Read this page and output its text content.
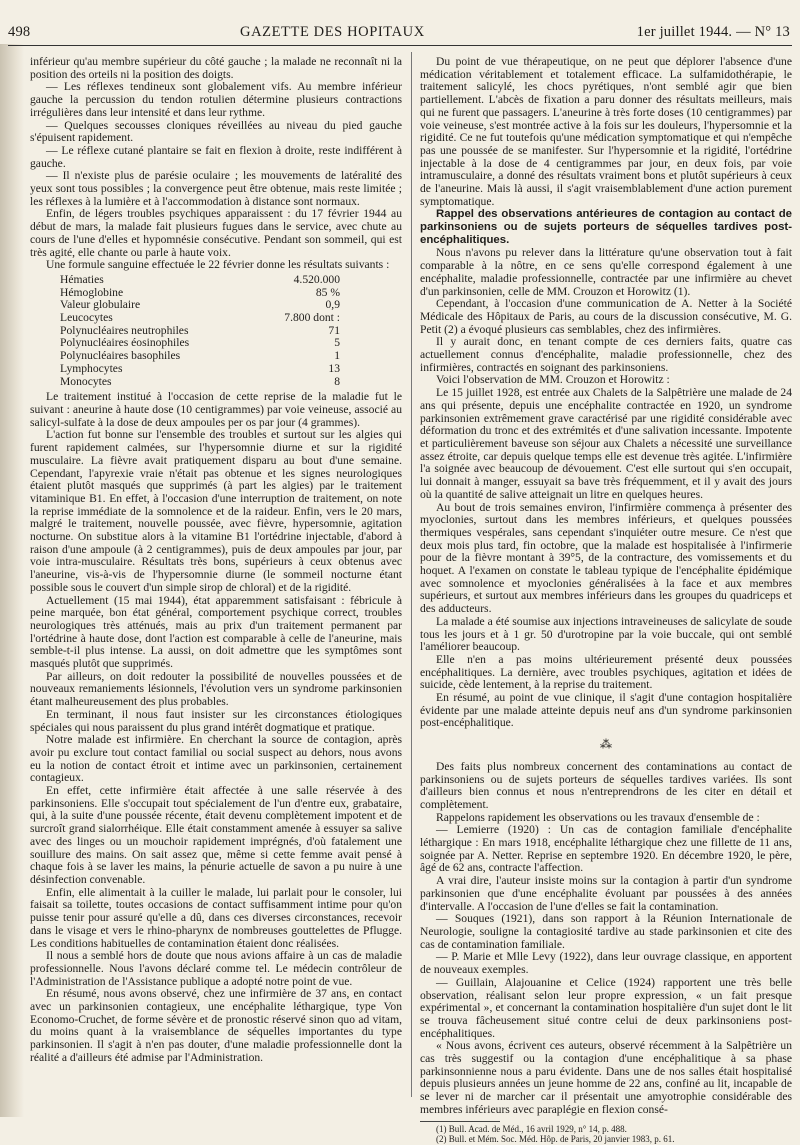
498	GAZETTE DES HOPITAUX	1er juillet 1944. — N° 13

inférieur qu'au membre supérieur du côté gauche ; la malade ne reconnaît ni la position des orteils ni la position des doigts.

— Les réflexes tendineux sont globalement vifs. Au membre inférieur gauche la percussion du tendon rotulien détermine plusieurs contractions irrégulières dans leur intensité et dans leur rythme.

— Quelques secousses cloniques réveillées au niveau du pied gauche s'épuisent rapidement.

— Le réflexe cutané plantaire se fait en flexion à droite, reste indifférent à gauche.

— Il n'existe plus de parésie oculaire ; les mouvements de latéralité des yeux sont tous possibles ; la convergence peut être obtenue, mais reste limitée ; les réflexes à la lumière et à l'accommodation à distance sont normaux.

Enfin, de légers troubles psychiques apparaissent : du 17 février 1944 au début de mars, la malade fait plusieurs fugues dans le service, avec chute au cours de l'une d'elles et hypomnésie consécutive. Pendant son sommeil, qui est très agité, elle chante ou parle à haute voix.

Une formule sanguine effectuée le 22 février donne les résultats suivants :

Hématies	4.520.000
Hémoglobine	85 %
Valeur globulaire	0,9
Leucocytes	7.800 dont :
Polynucléaires neutrophiles	71
Polynucléaires éosinophiles	5
Polynucléaires basophiles	1
Lymphocytes	13
Monocytes	8

Le traitement institué à l'occasion de cette reprise de la maladie fut le suivant : aneurine à haute dose (10 centigrammes) par voie veineuse, associé au salicyl-sulfate à la dose de deux ampoules per os par jour (4 grammes).

L'action fut bonne sur l'ensemble des troubles et surtout sur les algies qui furent rapidement calmées, sur l'hypersomnie diurne et sur la rigidité musculaire. La fièvre avait pratiquement disparu au bout d'une semaine. Cependant, l'apyrexie vraie n'était pas obtenue et les signes neurologiques étaient plutôt masqués que supprimés (à part les algies) par le traitement vitaminique B1. En effet, à l'occasion d'une interruption de traitement, on note la reprise immédiate de la somnolence et de la raideur. Enfin, vers le 20 mars, malgré le traitement, nouvelle poussée, avec fièvre, hypersomnie, agitation nocturne. On substitue alors à la vitamine B1 l'ortédrine injectable, d'abord à raison d'une ampoule (à 2 centigrammes), puis de deux ampoules par jour, par voie intra-musculaire. Résultats très bons, supérieurs à ceux obtenus avec l'aneurine, vis-à-vis de l'hypersomnie diurne (le sommeil nocturne étant possible sous le couvert d'un simple sirop de chloral) et de la rigidité.

Actuellement (15 mai 1944), état apparemment satisfaisant : fébricule à peine marquée, bon état général, comportement psychique correct, troubles neurologiques très atténués, mais au prix d'un traitement permanent par l'ortédrine à haute dose, dont l'action est comparable à celle de l'aneurine, mais semble-t-il plus intense. La aussi, on doit admettre que les symptômes sont masqués plutôt que supprimés.

Par ailleurs, on doit redouter la possibilité de nouvelles poussées et de nouveaux remaniements lésionnels, l'évolution vers un syndrome parkinsonien étant malheureusement des plus probables.

En terminant, il nous faut insister sur les circonstances étiologiques spéciales qui nous paraissent du plus grand intérêt dogmatique et pratique.

Notre malade est infirmière. En cherchant la source de contagion, après avoir pu exclure tout contact familial ou social suspect au dehors, nous avons eu la notion de contact étroit et intime avec un parkinsonien, certainement contagieux.

En effet, cette infirmière était affectée à une salle réservée à des parkinsoniens. Elle s'occupait tout spécialement de l'un d'entre eux, grabataire, qui, à la suite d'une poussée récente, était devenu complètement impotent et de surcroît grand sialorrhéique. Elle était constamment amenée à essuyer sa salive avec des linges ou un mouchoir rapidement imprégnés, d'où fatalement une souillure des mains. On sait assez que, même si cette femme avait pensé à chaque fois à se laver les mains, la pénurie actuelle de savon a pu nuire à une désinfection convenable.

Enfin, elle alimentait à la cuiller le malade, lui parlait pour le consoler, lui faisait sa toilette, toutes occasions de contact suffisamment intime pour qu'on puisse tenir pour assuré qu'elle a dû, dans ces diverses circonstances, recevoir dans le visage et vers le rhino-pharynx de nombreuses gouttelettes de Pflugge. Les conditions habituelles de contamination étaient donc réalisées.

Il nous a semblé hors de doute que nous avions affaire à un cas de maladie professionnelle. Nous l'avons déclaré comme tel. Le médecin contrôleur de l'Administration de l'Assistance publique a adopté notre point de vue.

En résumé, nous avons observé, chez une infirmière de 37 ans, en contact avec un parkinsonien contagieux, une encéphalite léthargique, type Von Economo-Cruchet, de forme sévère et de pronostic réservé sinon quo ad vitam, du moins quant à la vraisemblance de séquelles importantes du type parkinsonien. Il s'agit à n'en pas douter, d'une maladie professionnelle dont la réalité a d'ailleurs été admise par l'Administration.

Du point de vue thérapeutique, on ne peut que déplorer l'absence d'une médication véritablement et totalement efficace. La sulfamidothérapie, le traitement salicylé, les chocs pyrétiques, n'ont semblé agir que bien partiellement. L'abcès de fixation a paru donner des résultats meilleurs, mais qui ne furent que passagers. L'aneurine à très forte doses (10 centigrammes) par voie veineuse, s'est montrée active à la fois sur les douleurs, l'hypersomnie et la rigidité. Ce ne fut toutefois qu'une médication symptomatique et qui n'empêche pas une poussée de se manifester. Sur l'hypersomnie et la rigidité, l'ortédrine injectable à la dose de 4 centigrammes par jour, en deux fois, par voie intramusculaire, a donné des résultats vraiment bons et plutôt supérieurs à ceux de l'aneurine. Mais là aussi, il s'agit vraisemblablement d'une action purement symptomatique.

Rappel des observations antérieures de contagion au contact de parkinsoniens ou de sujets porteurs de séquelles tardives post-encéphalitiques.

Nous n'avons pu relever dans la littérature qu'une observation tout à fait comparable à la nôtre, en ce sens qu'elle correspond également à une encéphalite, maladie professionnelle, contractée par une infirmière au chevet d'un parkinsonien, celle de MM. Crouzon et Horowitz (1).

Cependant, à l'occasion d'une communication de A. Netter à la Société Médicale des Hôpitaux de Paris, au cours de la discussion consécutive, M. G. Petit (2) a évoqué plusieurs cas semblables, chez des infirmières.

Il y aurait donc, en tenant compte de ces derniers faits, quatre cas actuellement connus d'encéphalite, maladie professionnelle, chez des infirmières, contractés en soignant des parkinsoniens.

Voici l'observation de MM. Crouzon et Horowitz :

Le 15 juillet 1928, est entrée aux Chalets de la Salpêtrière une malade de 24 ans qui présente, depuis une encéphalite contractée en 1920, un syndrome parkinsonien extrêmement grave caractérisé par une rigidité considérable avec déformation du tronc et des extrémités et d'une salivation incessante. Impotente et particulièrement baveuse son séjour aux Chalets a nécessité une surveillance assez étroite, car depuis quelque temps elle est devenue très agitée. L'infirmière l'a soignée avec beaucoup de dévouement. C'est elle surtout qui s'en occupait, lui donnait à manger, essuyait sa bave très fréquemment, et il y avait des jours où la quantité de salive atteignait un litre en quelques heures.

Au bout de trois semaines environ, l'infirmière commença à présenter des myoclonies, surtout dans les membres inférieurs, et quelques poussées thermiques vespérales, sans cependant s'inquiéter outre mesure. Ce n'est que deux mois plus tard, fin octobre, que la malade est hospitalisée à l'infirmerie pour de la fièvre montant à 39°5, de la contracture, des vomissements et du hoquet. A l'examen on constate le tableau typique de l'encéphalite épidémique avec somnolence et myoclonies généralisées à la face et aux membres supérieurs, et surtout aux membres inférieurs dans les groupes du quadriceps et des adducteurs.

La malade a été soumise aux injections intraveineuses de salicylate de soude tous les jours et à 1 gr. 50 d'urotropine par la voie buccale, qui ont semblé l'améliorer beaucoup.

Elle n'en a pas moins ultérieurement présenté deux poussées encéphalitiques. La dernière, avec troubles psychiques, agitation et idées de suicide, cède lentement, à la reprise du traitement.

En résumé, au point de vue clinique, il s'agit d'une contagion hospitalière évidente par une malade atteinte depuis neuf ans d'un syndrome parkinsonien post-encéphalitique.

⁂

Des faits plus nombreux concernent des contaminations au contact de parkinsoniens ou de sujets porteurs de séquelles tardives variées. Ils sont d'ailleurs bien connus et nous n'entreprendrons de les citer en détail et complètement.

Rappelons rapidement les observations ou les travaux d'ensemble de :

— Lemierre (1920) : Un cas de contagion familiale d'encéphalite léthargique : En mars 1918, encéphalite léthargique chez une fillette de 11 ans, soignée par A. Netter. Reprise en septembre 1920. En décembre 1920, le père, âgé de 62 ans, contracte l'affection.

A vrai dire, l'auteur insiste moins sur la contagion à partir d'un syndrome parkinsonien que d'une encéphalite évoluant par poussées à des années d'intervalle. A l'occasion de l'une d'elles se fait la contamination.

— Souques (1921), dans son rapport à la Réunion Internationale de Neurologie, souligne la contagiosité tardive au stade parkinsonien et cite des cas de contamination familiale.

— P. Marie et Mlle Levy (1922), dans leur ouvrage classique, en apportent de nouveaux exemples.

— Guillain, Alajouanine et Celice (1924) rapportent une très belle observation, réalisant selon leur propre expression, « un fait presque expérimental », et concernant la contamination hospitalière d'un sujet dont le lit se trouva fâcheusement situé contre celui de deux parkinsoniens post-encéphalitiques.

« Nous avons, écrivent ces auteurs, observé récemment à la Salpêtrière un cas très suggestif ou la contagion d'une encéphalitique à sa phase parkinsonnienne nous a paru évidente. Dans une de nos salles était hospitalisé depuis plusieurs années un jeune homme de 22 ans, confiné au lit, incapable de se lever ni de marcher car il présentait une amyotrophie considérable des membres inférieurs avec paraplégie en flexion consé-

(1) Bull. Acad. de Méd., 16 avril 1929, n° 14, p. 488.

(2) Bull. et Mém. Soc. Méd. Hôp. de Paris, 20 janvier 1983, p. 61.
